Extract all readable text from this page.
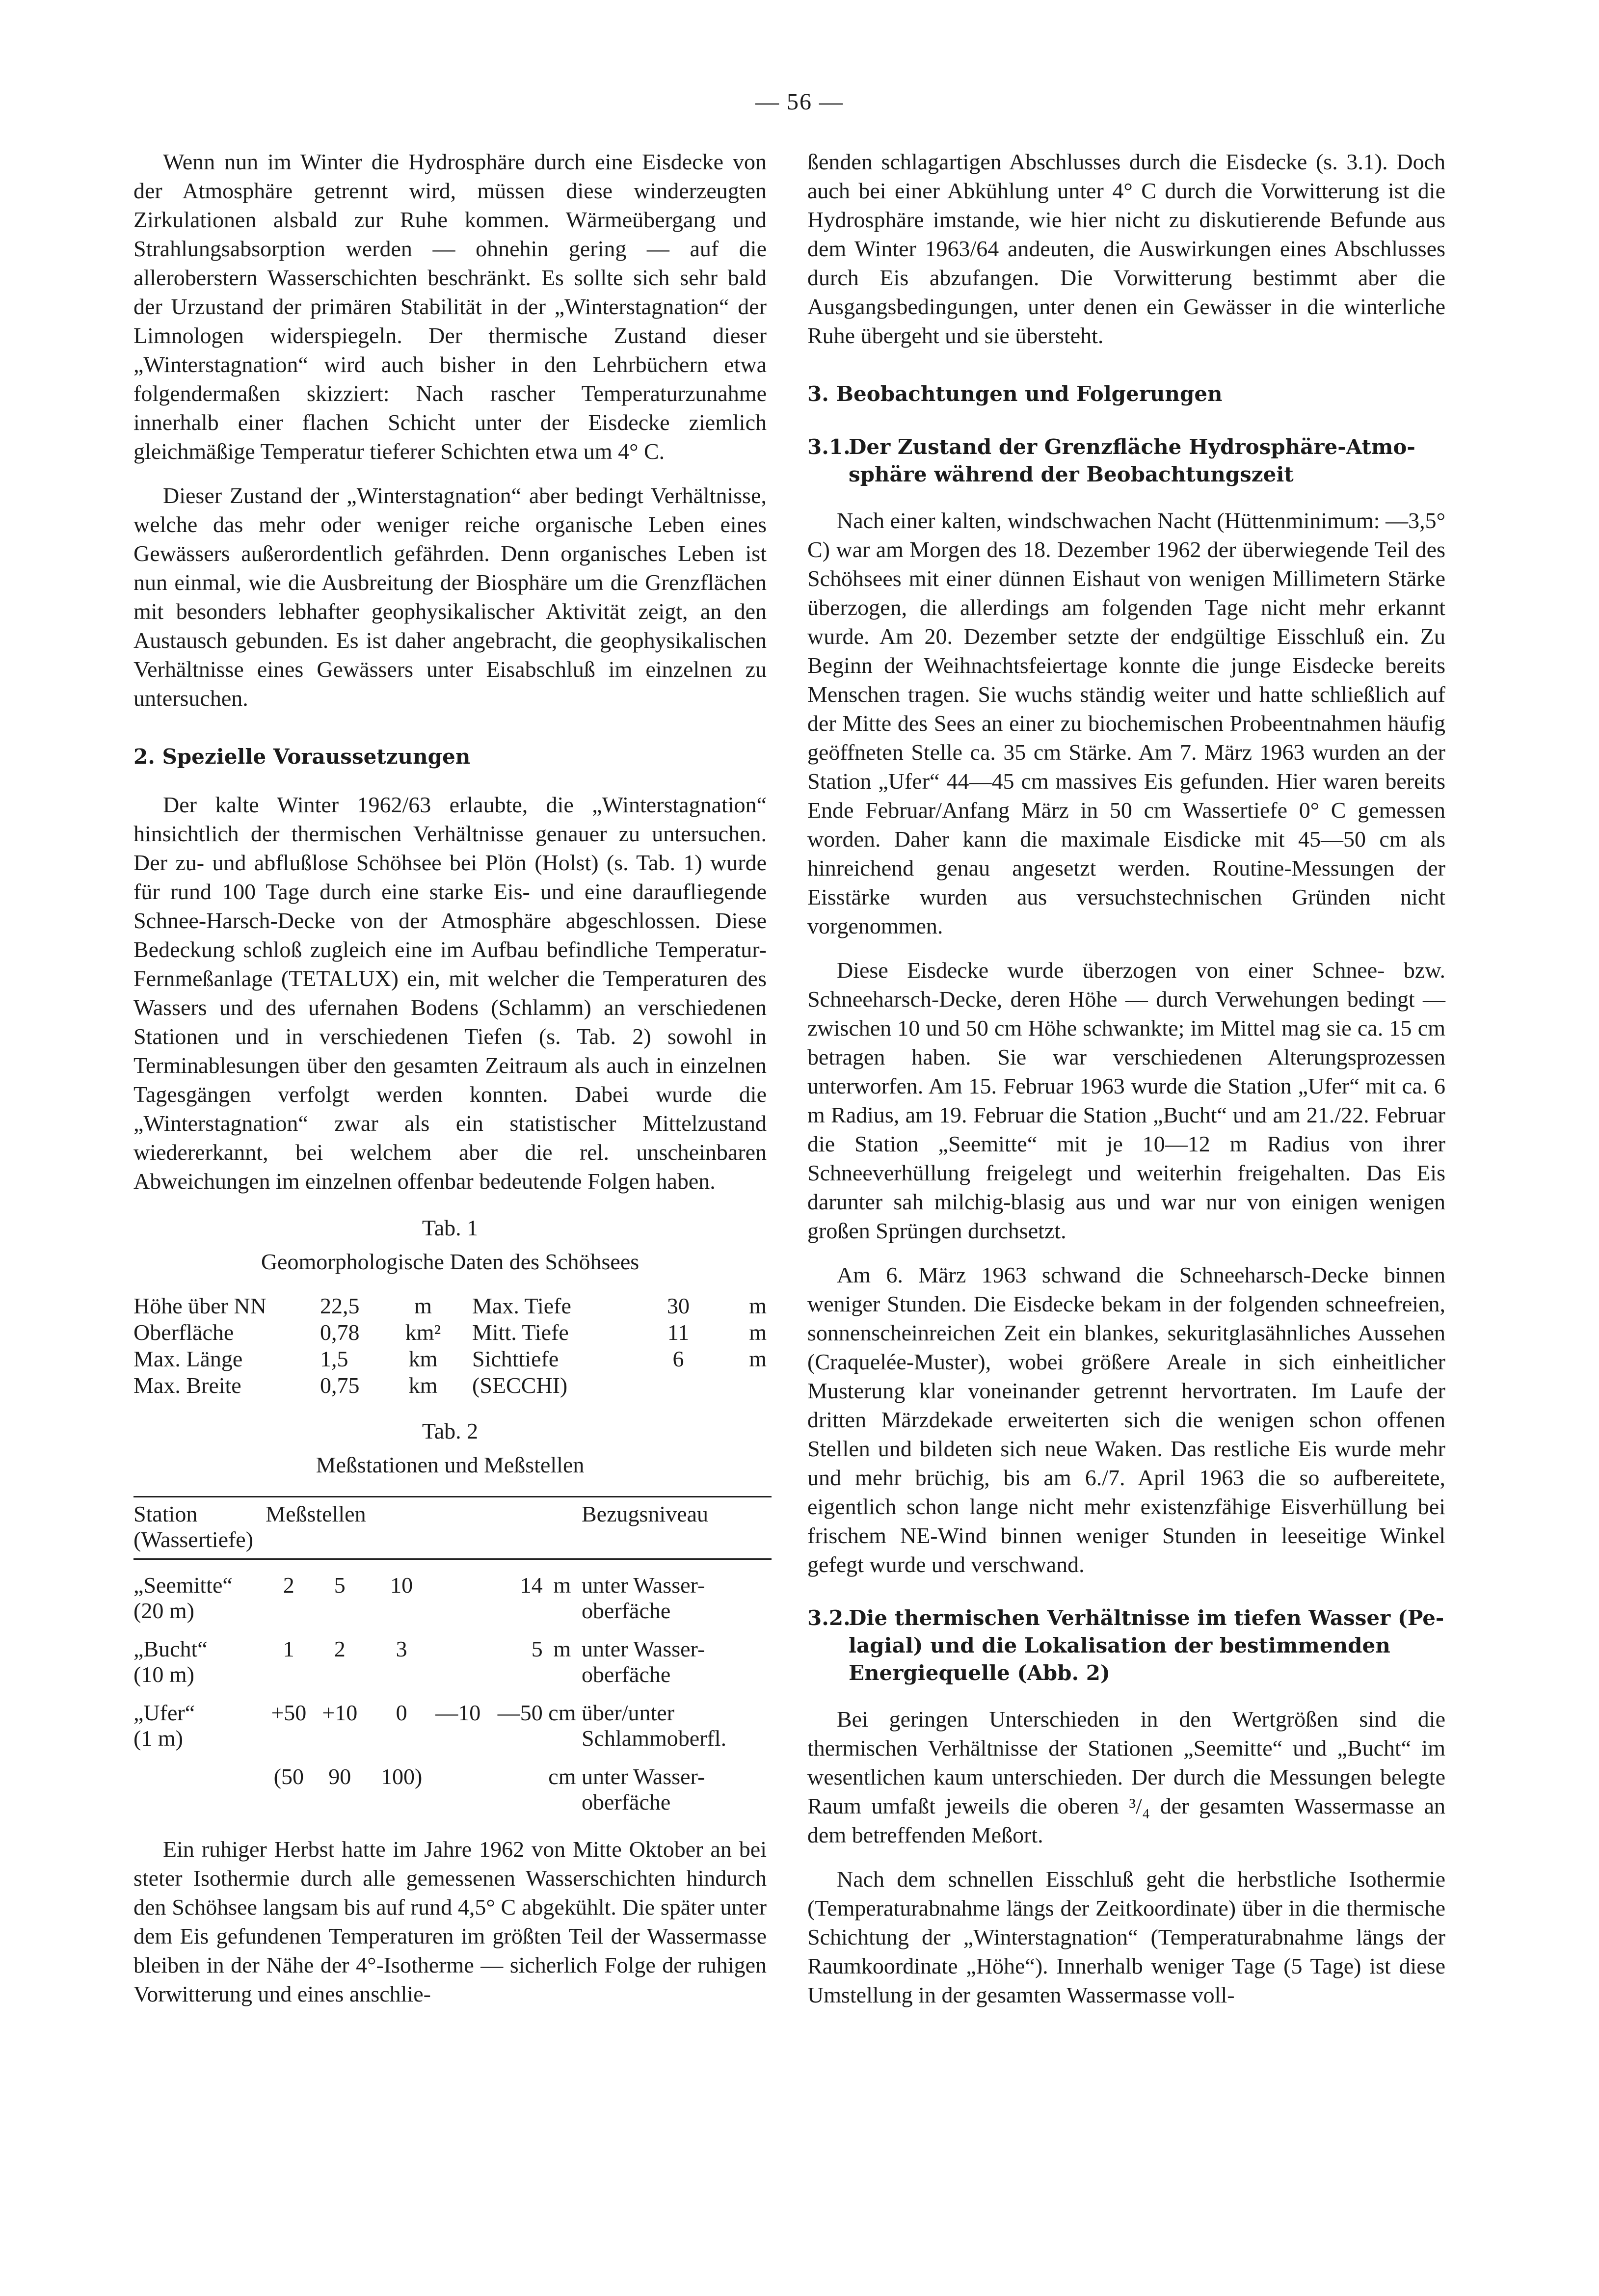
— 56 —

Wenn nun im Winter die Hydrosphäre durch eine Eisdecke von der Atmosphäre getrennt wird, müssen diese winderzeugten Zirkulationen alsbald zur Ruhe kommen. Wärmeübergang und Strahlungsabsorption werden — ohnehin gering — auf die alleroberstern Wasserschichten beschränkt. Es sollte sich sehr bald der Urzustand der primären Stabilität in der „Winterstagnation“ der Limnologen widerspiegeln. Der thermische Zustand dieser „Winterstagnation“ wird auch bisher in den Lehrbüchern etwa folgendermaßen skizziert: Nach rascher Temperaturzunahme innerhalb einer flachen Schicht unter der Eisdecke ziemlich gleichmäßige Temperatur tieferer Schichten etwa um 4° C.

Dieser Zustand der „Winterstagnation“ aber bedingt Verhältnisse, welche das mehr oder weniger reiche organische Leben eines Gewässers außerordentlich gefährden. Denn organisches Leben ist nun einmal, wie die Ausbreitung der Biosphäre um die Grenzflächen mit besonders lebhafter geophysikalischer Aktivität zeigt, an den Austausch gebunden. Es ist daher angebracht, die geophysikalischen Verhältnisse eines Gewässers unter Eisabschluß im einzelnen zu untersuchen.

2. Spezielle Voraussetzungen

Der kalte Winter 1962/63 erlaubte, die „Winterstagnation“ hinsichtlich der thermischen Verhältnisse genauer zu untersuchen. Der zu- und abflußlose Schöhsee bei Plön (Holst) (s. Tab. 1) wurde für rund 100 Tage durch eine starke Eis- und eine daraufliegende Schnee-Harsch-Decke von der Atmosphäre abgeschlossen. Diese Bedeckung schloß zugleich eine im Aufbau befindliche Temperatur-Fernmeßanlage (TETALUX) ein, mit welcher die Temperaturen des Wassers und des ufernahen Bodens (Schlamm) an verschiedenen Stationen und in verschiedenen Tiefen (s. Tab. 2) sowohl in Terminablesungen über den gesamten Zeitraum als auch in einzelnen Tagesgängen verfolgt werden konnten. Dabei wurde die „Winterstagnation“ zwar als ein statistischer Mittelzustand wiedererkannt, bei welchem aber die rel. unscheinbaren Abweichungen im einzelnen offenbar bedeutende Folgen haben.

Tab. 1
Geomorphologische Daten des Schöhsees
Höhe über NN	22,5	m	Max. Tiefe	30	m
Oberfläche	0,78	km²	Mitt. Tiefe	11	m
Max. Länge	1,5	km	Sichttiefe	6	m
Max. Breite	0,75	km	(SECCHI)		
Tab. 2
Meßstationen und Meßstellen
Station
(Wassertiefe)	Meßstellen					Bezugsniveau
„Seemitte“
(20 m)	2	5	10	14	m	unter Wasser-
oberfäche
„Bucht“
(10 m)	1	2	3	5	m	unter Wasser-
oberfäche
„Ufer“
(1 m)	+50	+10	0	—10   —50	cm	über/unter
Schlammoberfl.
	(50	90	100)		cm	unter Wasser-
oberfäche

Ein ruhiger Herbst hatte im Jahre 1962 von Mitte Oktober an bei steter Isothermie durch alle gemessenen Wasserschichten hindurch den Schöhsee langsam bis auf rund 4,5° C abgekühlt. Die später unter dem Eis gefundenen Temperaturen im größten Teil der Wassermasse bleiben in der Nähe der 4°-Isotherme — sicherlich Folge der ruhigen Vorwitterung und eines anschlie-

ßenden schlagartigen Abschlusses durch die Eisdecke (s. 3.1). Doch auch bei einer Abkühlung unter 4° C durch die Vorwitterung ist die Hydrosphäre imstande, wie hier nicht zu diskutierende Befunde aus dem Winter 1963/64 andeuten, die Auswirkungen eines Abschlusses durch Eis abzufangen. Die Vorwitterung bestimmt aber die Ausgangsbedingungen, unter denen ein Gewässer in die winterliche Ruhe übergeht und sie übersteht.

3. Beobachtungen und Folgerungen
3.1.Der Zustand der Grenzfläche Hydrosphäre-Atmo-
sphäre während der Beobachtungszeit

Nach einer kalten, windschwachen Nacht (Hüttenminimum: —3,5° C) war am Morgen des 18. Dezember 1962 der überwiegende Teil des Schöhsees mit einer dünnen Eishaut von wenigen Millimetern Stärke überzogen, die allerdings am folgenden Tage nicht mehr erkannt wurde. Am 20. Dezember setzte der endgültige Eisschluß ein. Zu Beginn der Weihnachtsfeiertage konnte die junge Eisdecke bereits Menschen tragen. Sie wuchs ständig weiter und hatte schließlich auf der Mitte des Sees an einer zu biochemischen Probeentnahmen häufig geöffneten Stelle ca. 35 cm Stärke. Am 7. März 1963 wurden an der Station „Ufer“ 44—45 cm massives Eis gefunden. Hier waren bereits Ende Februar/Anfang März in 50 cm Wassertiefe 0° C gemessen worden. Daher kann die maximale Eisdicke mit 45—50 cm als hinreichend genau angesetzt werden. Routine-Messungen der Eisstärke wurden aus versuchstechnischen Gründen nicht vorgenommen.

Diese Eisdecke wurde überzogen von einer Schnee- bzw. Schneeharsch-Decke, deren Höhe — durch Verwehungen bedingt — zwischen 10 und 50 cm Höhe schwankte; im Mittel mag sie ca. 15 cm betragen haben. Sie war verschiedenen Alterungsprozessen unterworfen. Am 15. Februar 1963 wurde die Station „Ufer“ mit ca. 6 m Radius, am 19. Februar die Station „Bucht“ und am 21./22. Februar die Station „Seemitte“ mit je 10—12 m Radius von ihrer Schneeverhüllung freigelegt und weiterhin freigehalten. Das Eis darunter sah milchig-blasig aus und war nur von einigen wenigen großen Sprüngen durchsetzt.

Am 6. März 1963 schwand die Schneeharsch-Decke binnen weniger Stunden. Die Eisdecke bekam in der folgenden schneefreien, sonnenscheinreichen Zeit ein blankes, sekuritglasähnliches Aussehen (Craquelée-Muster), wobei größere Areale in sich einheitlicher Musterung klar voneinander getrennt hervortraten. Im Laufe der dritten Märzdekade erweiterten sich die wenigen schon offenen Stellen und bildeten sich neue Waken. Das restliche Eis wurde mehr und mehr brüchig, bis am 6./7. April 1963 die so aufbereitete, eigentlich schon lange nicht mehr existenzfähige Eisverhüllung bei frischem NE-Wind binnen weniger Stunden in leeseitige Winkel gefegt wurde und verschwand.

3.2.Die thermischen Verhältnisse im tiefen Wasser (Pe-
lagial) und die Lokalisation der bestimmenden
Energiequelle (Abb. 2)

Bei geringen Unterschieden in den Wertgrößen sind die thermischen Verhältnisse der Stationen „Seemitte“ und „Bucht“ im wesentlichen kaum unterschieden. Der durch die Messungen belegte Raum umfaßt jeweils die oberen ³/₄ der gesamten Wassermasse an dem betreffenden Meßort.

Nach dem schnellen Eisschluß geht die herbstliche Isothermie (Temperaturabnahme längs der Zeitkoordinate) über in die thermische Schichtung der „Winterstagnation“ (Temperaturabnahme längs der Raumkoordinate „Höhe“). Innerhalb weniger Tage (5 Tage) ist diese Umstellung in der gesamten Wassermasse voll-
